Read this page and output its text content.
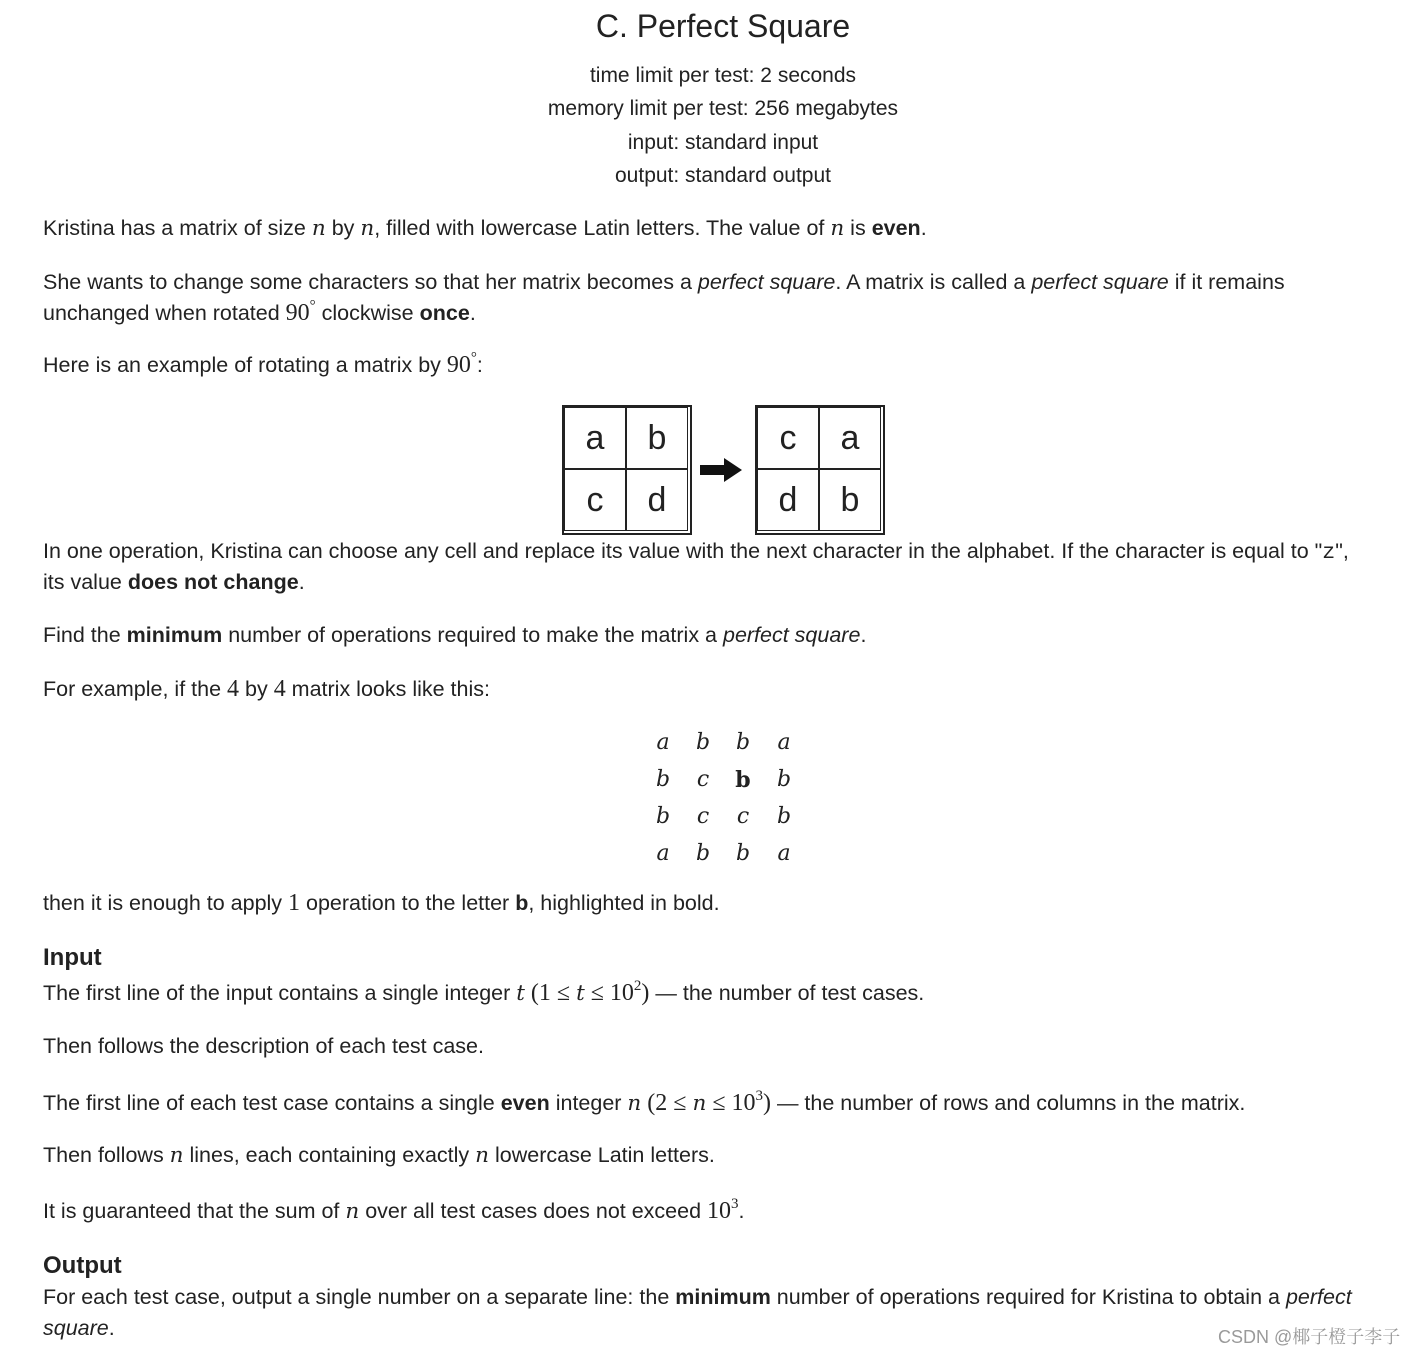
C. Perfect Square
time limit per test: 2 seconds
memory limit per test: 256 megabytes
input: standard input
output: standard output
Kristina has a matrix of size n by n, filled with lowercase Latin letters. The value of n is even.
She wants to change some characters so that her matrix becomes a perfect square. A matrix is called a perfect square if it remains
unchanged when rotated 90° clockwise once.
Here is an example of rotating a matrix by 90°:
a	b
c	d
c	a
d	b
In one operation, Kristina can choose any cell and replace its value with the next character in the alphabet. If the character is equal to "z",
its value does not change.
Find the minimum number of operations required to make the matrix a perfect square.
For example, if the 4 by 4 matrix looks like this:
a	b	b	a
b	c	b	b
b	c	c	b
a	b	b	a
then it is enough to apply 1 operation to the letter b, highlighted in bold.
Input
The first line of the input contains a single integer t $(1 \le t \le 10^2)$ — the number of test cases.
Then follows the description of each test case.
The first line of each test case contains a single even integer n $(2 \le n \le 10^3)$ — the number of rows and columns in the matrix.
Then follows n lines, each containing exactly n lowercase Latin letters.
It is guaranteed that the sum of n over all test cases does not exceed $10^3$.
Output
For each test case, output a single number on a separate line: the minimum number of operations required for Kristina to obtain a perfect
square.	CSDN @椰子橙子李子
